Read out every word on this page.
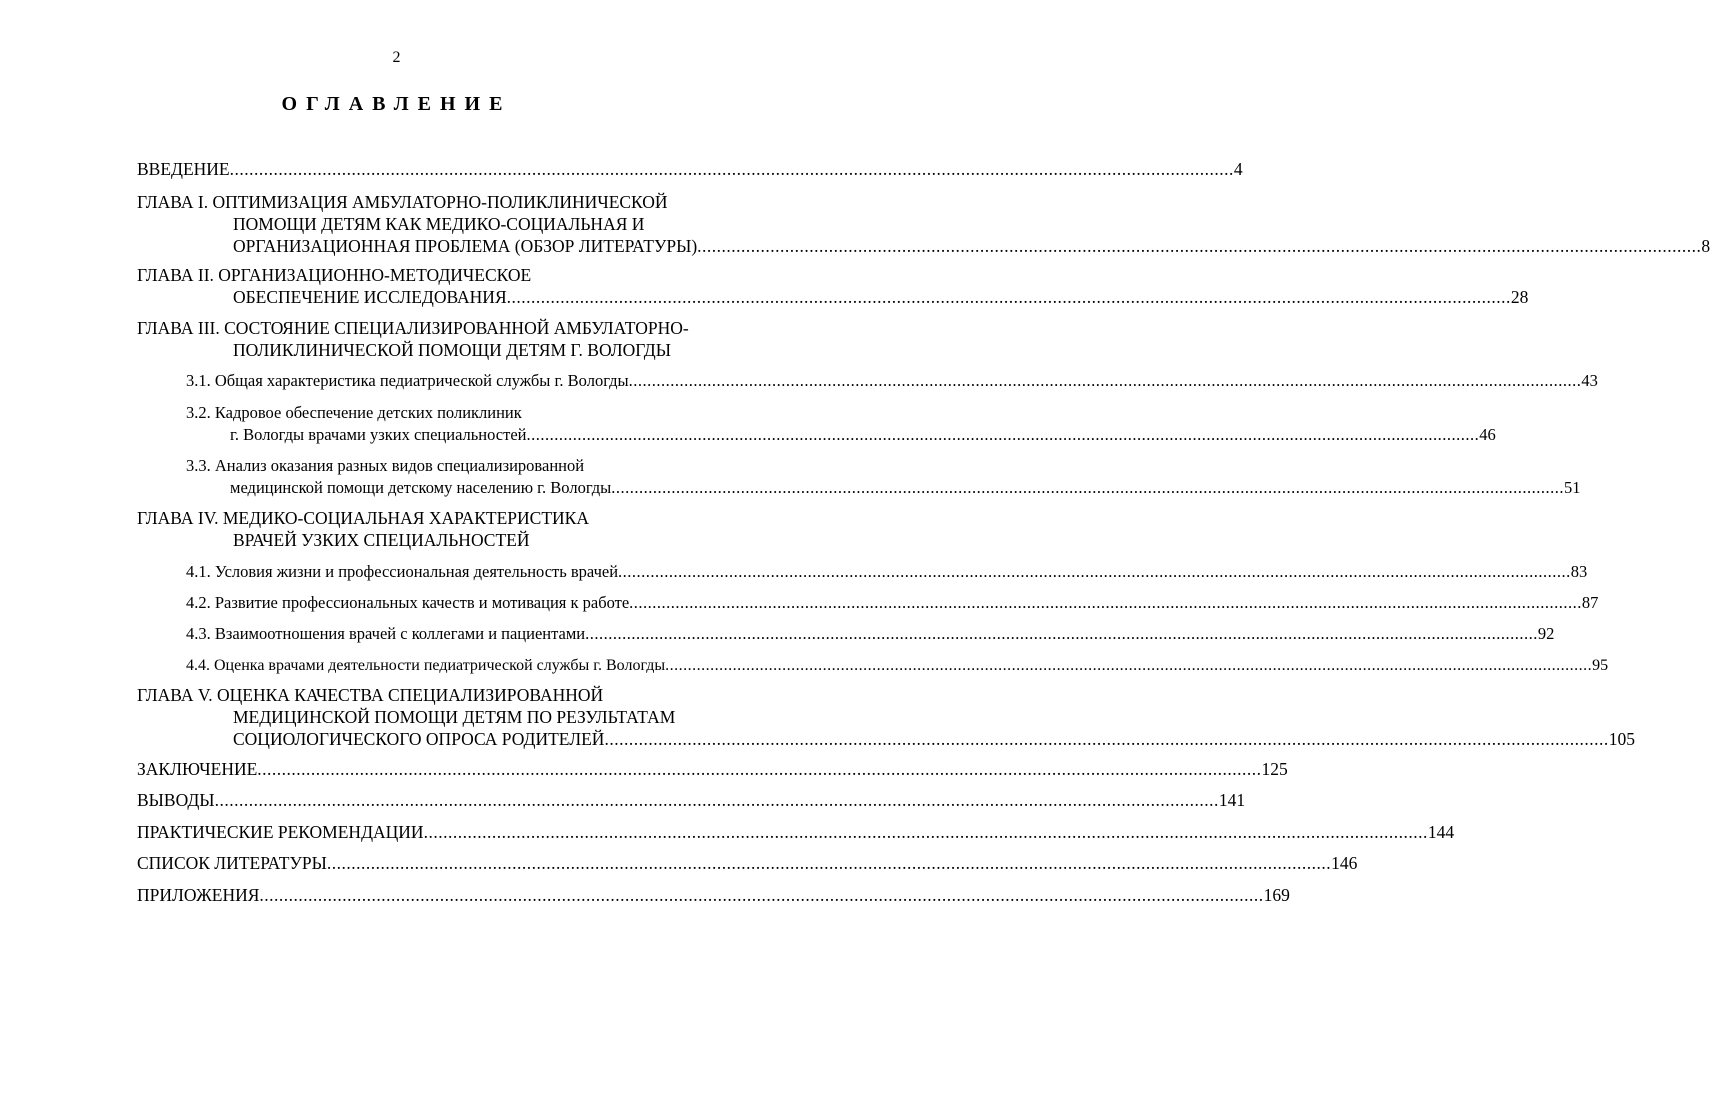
2
ОГЛАВЛЕНИЕ
ВВЕДЕНИЕ .............................................................................................................................................................................................................. 4
ГЛАВА I. ОПТИМИЗАЦИЯ АМБУЛАТОРНО-ПОЛИКЛИНИЧЕСКОЙ
ПОМОЩИ ДЕТЯМ КАК МЕДИКО-СОЦИАЛЬНАЯ И
ОРГАНИЗАЦИОННАЯ ПРОБЛЕМА (ОБЗОР ЛИТЕРАТУРЫ) .............................................................................................................................................................................................................. 8
ГЛАВА II. ОРГАНИЗАЦИОННО-МЕТОДИЧЕСКОЕ
ОБЕСПЕЧЕНИЕ ИССЛЕДОВАНИЯ .............................................................................................................................................................................................................. 28
ГЛАВА III. СОСТОЯНИЕ СПЕЦИАЛИЗИРОВАННОЙ АМБУЛАТОРНО-
ПОЛИКЛИНИЧЕСКОЙ ПОМОЩИ ДЕТЯМ Г. ВОЛОГДЫ
3.1. Общая характеристика педиатрической службы г. Вологды .............................................................................................................................................................................................................. 43
3.2. Кадровое обеспечение детских поликлиник
г. Вологды врачами узких специальностей .............................................................................................................................................................................................................. 46
3.3. Анализ оказания разных видов специализированной
медицинской помощи детскому населению г. Вологды .............................................................................................................................................................................................................. 51
ГЛАВА IV. МЕДИКО-СОЦИАЛЬНАЯ ХАРАКТЕРИСТИКА
ВРАЧЕЙ УЗКИХ СПЕЦИАЛЬНОСТЕЙ
4.1. Условия жизни и профессиональная деятельность врачей .............................................................................................................................................................................................................. 83
4.2. Развитие профессиональных качеств и мотивация к работе .............................................................................................................................................................................................................. 87
4.3. Взаимоотношения врачей с коллегами и пациентами .............................................................................................................................................................................................................. 92
4.4. Оценка врачами деятельности педиатрической службы г. Вологды .............................................................................................................................................................................................................. 95
ГЛАВА V. ОЦЕНКА КАЧЕСТВА СПЕЦИАЛИЗИРОВАННОЙ
МЕДИЦИНСКОЙ ПОМОЩИ ДЕТЯМ ПО РЕЗУЛЬТАТАМ
СОЦИОЛОГИЧЕСКОГО ОПРОСА РОДИТЕЛЕЙ .............................................................................................................................................................................................................. 105
ЗАКЛЮЧЕНИЕ .............................................................................................................................................................................................................. 125
ВЫВОДЫ .............................................................................................................................................................................................................. 141
ПРАКТИЧЕСКИЕ РЕКОМЕНДАЦИИ .............................................................................................................................................................................................................. 144
СПИСОК ЛИТЕРАТУРЫ .............................................................................................................................................................................................................. 146
ПРИЛОЖЕНИЯ .............................................................................................................................................................................................................. 169
